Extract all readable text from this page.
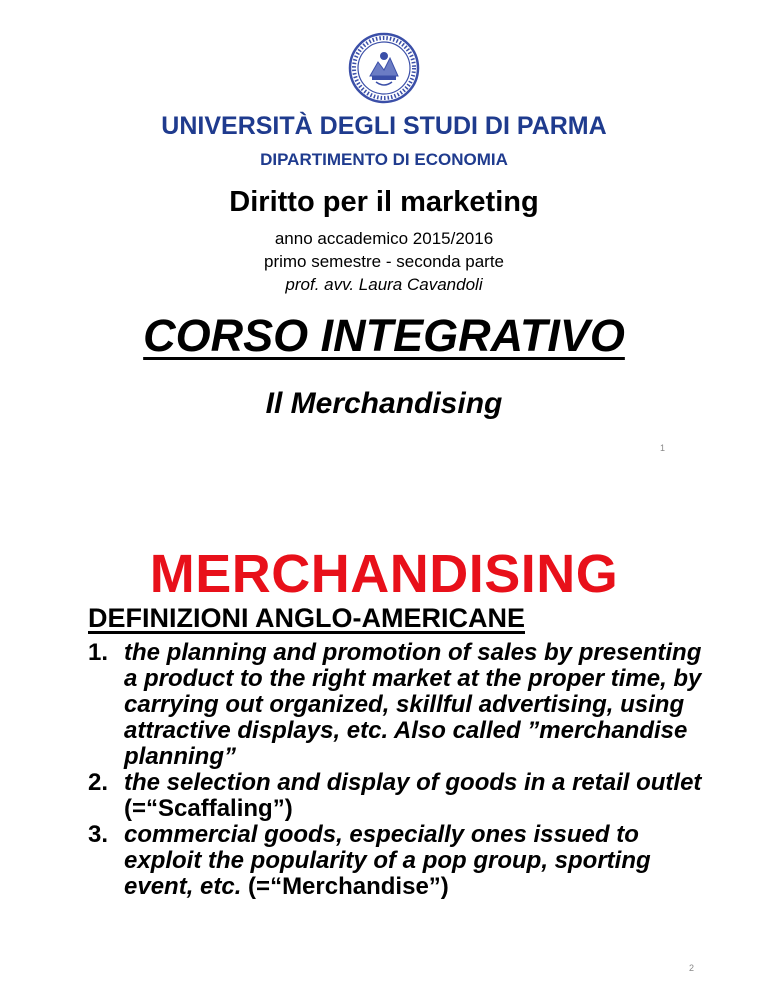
UNIVERSITÀ DEGLI STUDI DI PARMA
DIPARTIMENTO DI ECONOMIA
Diritto per il marketing
anno accademico 2015/2016
primo semestre - seconda parte
prof. avv. Laura Cavandoli
CORSO INTEGRATIVO
Il Merchandising
1
MERCHANDISING
DEFINIZIONI ANGLO-AMERICANE
1. the planning and promotion of sales by presenting a product to the right market at the proper time, by carrying out organized, skillful advertising, using attractive displays, etc. Also called ”merchandise planning”
2. the selection and display of goods in a retail outlet (=“Scaffaling”)
3. commercial goods, especially ones issued to exploit the popularity of a pop group, sporting event, etc. (=“Merchandise”)
2
